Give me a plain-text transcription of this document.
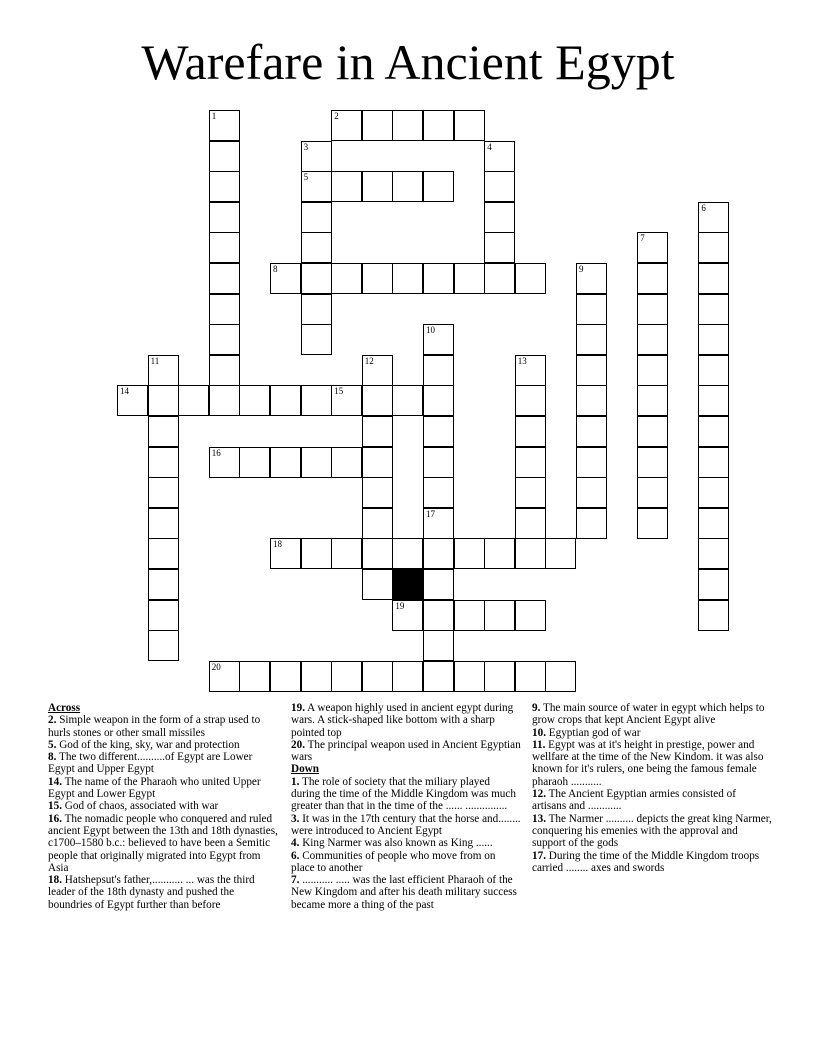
Warefare in Ancient Egypt
1	2
3
5
4
6
7
8	9
10
11	12	13
14	15
16
17
18
19
20

Across

2. Simple weapon in the form of a strap used to hurls stones or other small missiles

5. God of the king, sky, war and protection

8. The two different..........of Egypt are Lower Egypt and Upper Egypt

14. The name of the Pharaoh who united Upper Egypt and Lower Egypt

15. God of chaos, associated with war

16. The nomadic people who conquered and ruled ancient Egypt between the 13th and 18th dynasties, c1700–1580 b.c.: believed to have been a Semitic people that originally migrated into Egypt from Asia

18. Hatshepsut's father,........... ... was the third leader of the 18th dynasty and pushed the boundries of Egypt further than before

19. A weapon highly used in ancient egypt during wars. A stick-shaped like bottom with a sharp pointed top

20. The principal weapon used in Ancient Egyptian wars

Down

1. The role of society that the miliary played during the time of the Middle Kingdom was much greater than that in the time of the ...... ...............

3. It was in the 17th century that the horse and........ were introduced to Ancient Egypt

4. King Narmer was also known as King ......

6. Communities of people who move from on place to another

7. ........... ..... was the last efficient Pharaoh of the New Kingdom and after his death military success became more a thing of the past

9. The main source of water in egypt which helps to grow crops that kept Ancient Egypt alive

10. Egyptian god of war

11. Egypt was at it's height in prestige, power and wellfare at the time of the New Kindom. it was also known for it's rulers, one being the famous female pharaoh ...........

12. The Ancient Egyptian armies consisted of artisans and ............

13. The Narmer .......... depicts the great king Narmer, conquering his emenies with the approval and support of the gods

17. During the time of the Middle Kingdom troops carried ........ axes and swords
